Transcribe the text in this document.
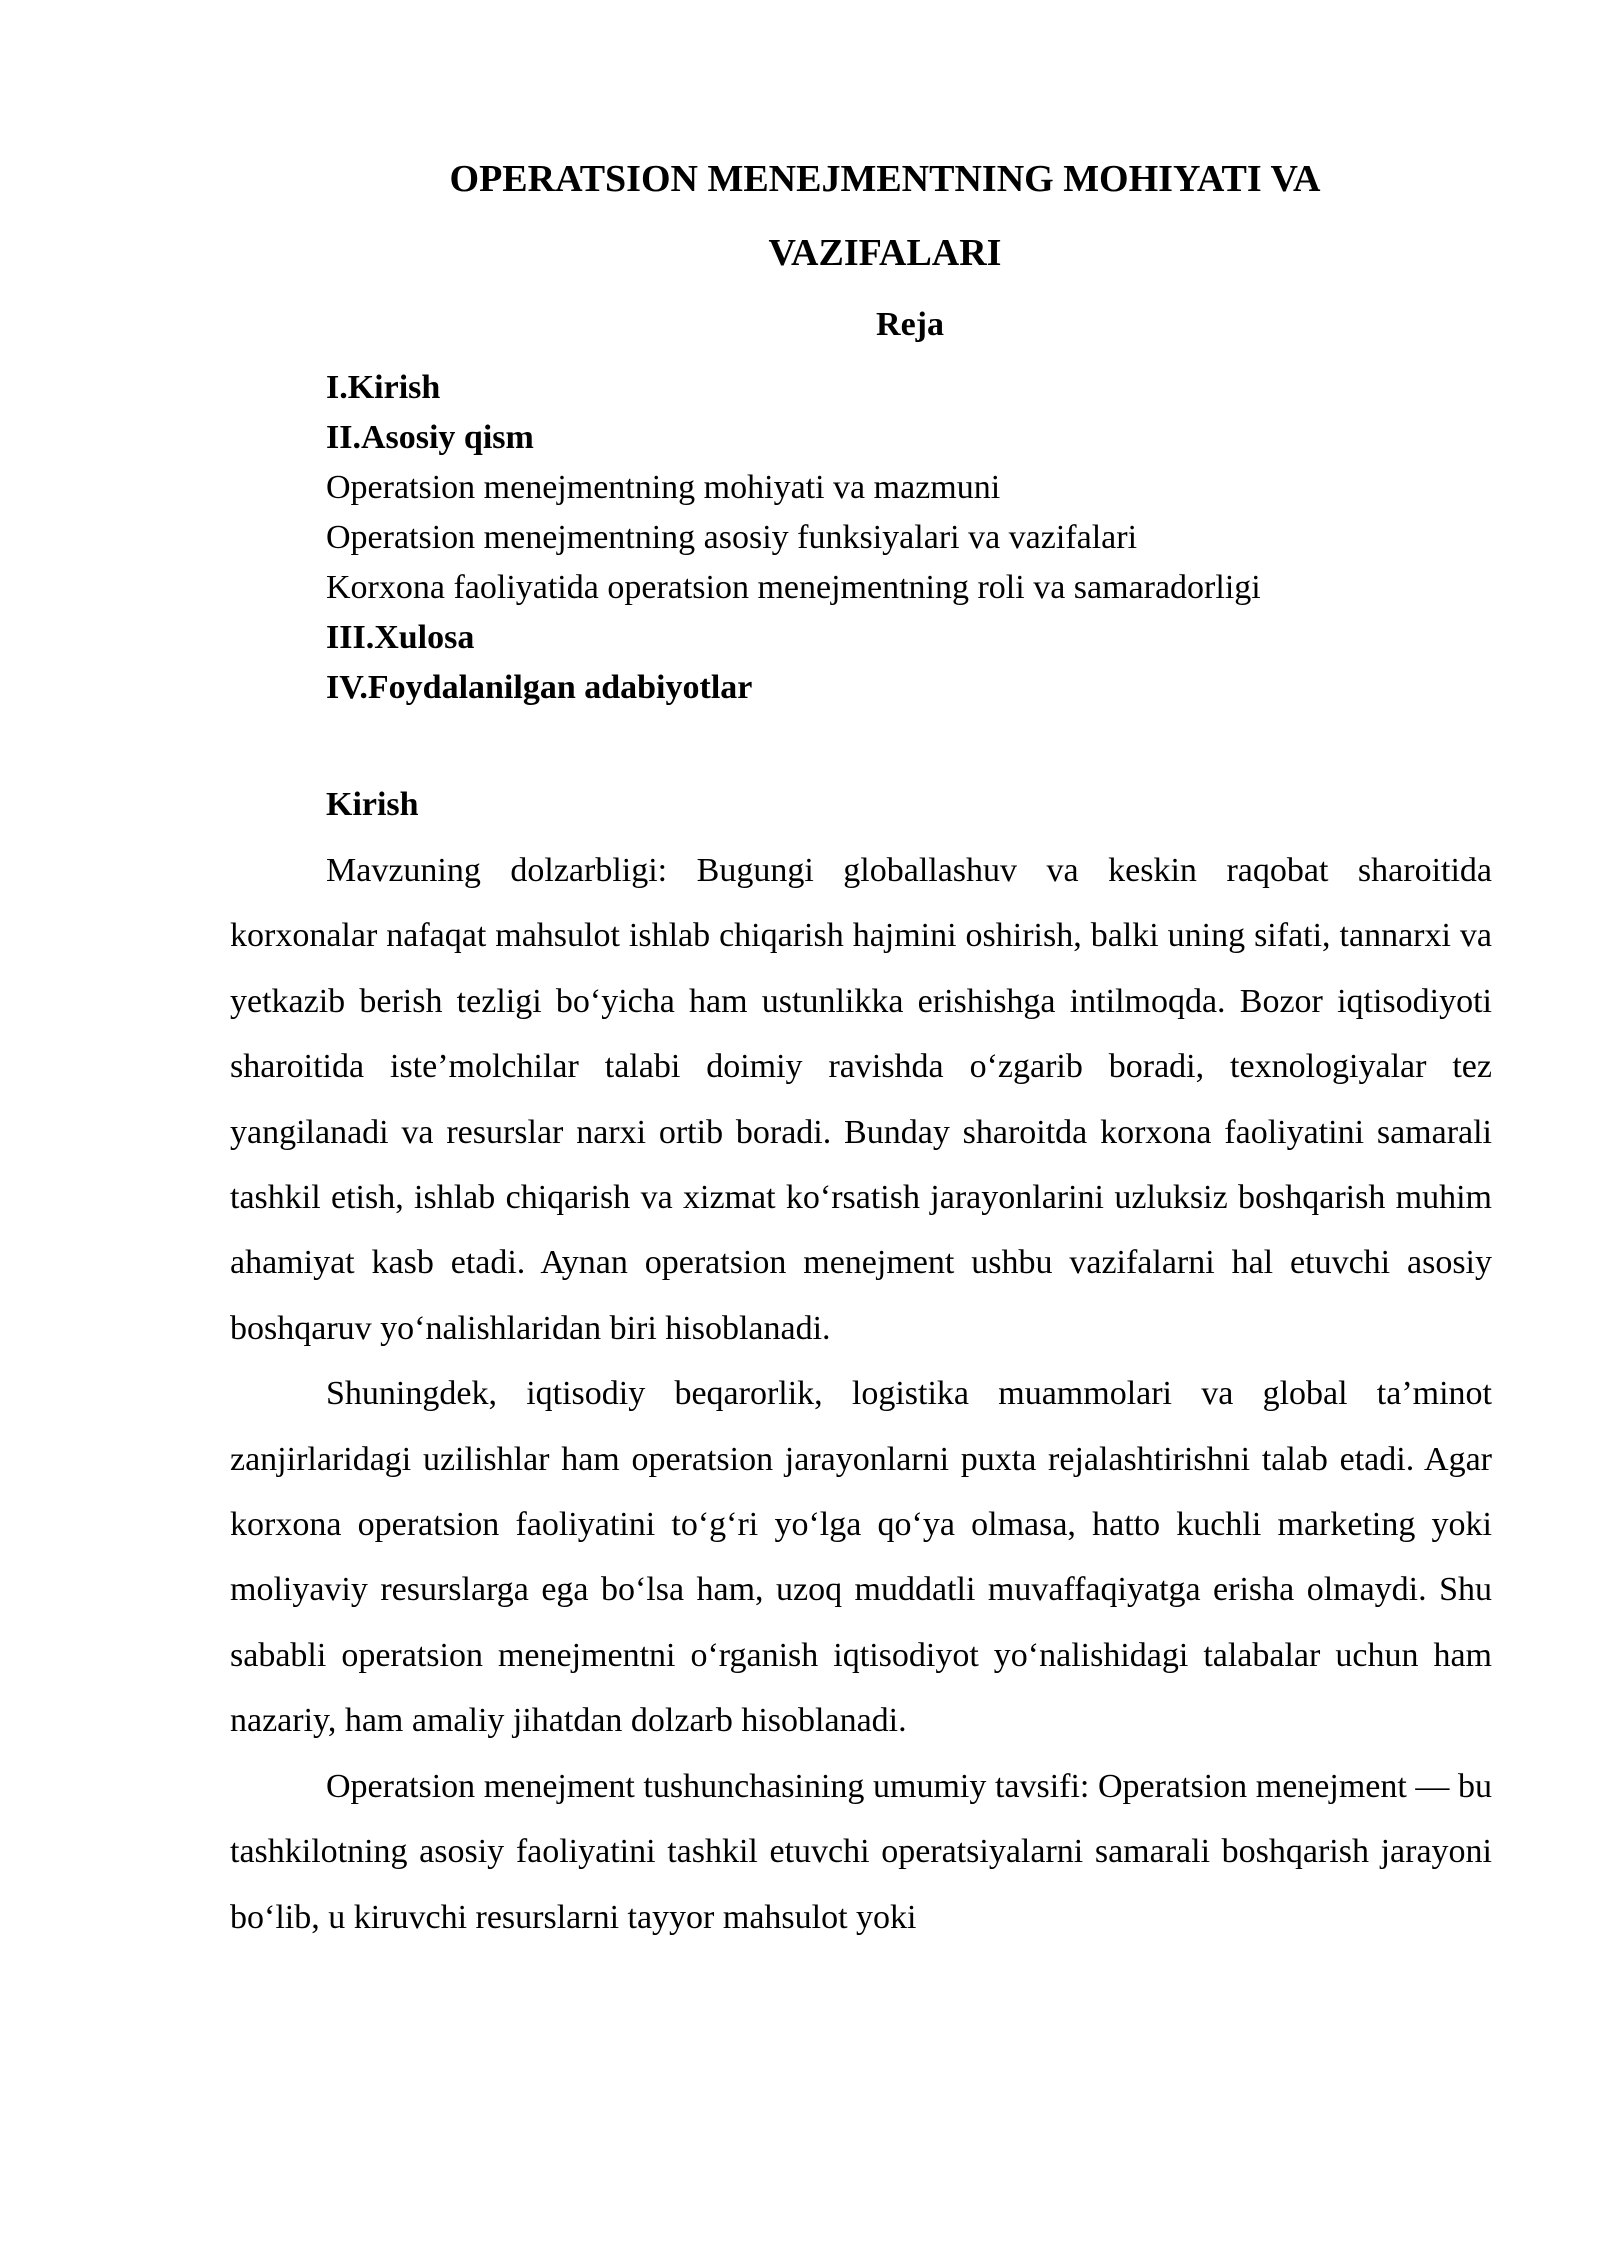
OPERATSION MENEJMENTNING MOHIYATI VA
VAZIFALARI
Reja
I.Kirish
II.Asosiy qism
Operatsion menejmentning mohiyati va mazmuni
Operatsion menejmentning asosiy funksiyalari va vazifalari
Korxona faoliyatida operatsion menejmentning roli va samaradorligi
III.Xulosa
IV.Foydalanilgan adabiyotlar
Kirish

Mavzuning dolzarbligi: Bugungi globallashuv va keskin raqobat sharoitida korxonalar nafaqat mahsulot ishlab chiqarish hajmini oshirish, balki uning sifati, tannarxi va yetkazib berish tezligi bo‘yicha ham ustunlikka erishishga intilmoqda. Bozor iqtisodiyoti sharoitida iste’molchilar talabi doimiy ravishda o‘zgarib boradi, texnologiyalar tez yangilanadi va resurslar narxi ortib boradi. Bunday sharoitda korxona faoliyatini samarali tashkil etish, ishlab chiqarish va xizmat ko‘rsatish jarayonlarini uzluksiz boshqarish muhim ahamiyat kasb etadi. Aynan operatsion menejment ushbu vazifalarni hal etuvchi asosiy boshqaruv yo‘nalishlaridan biri hisoblanadi.

Shuningdek, iqtisodiy beqarorlik, logistika muammolari va global ta’minot zanjirlaridagi uzilishlar ham operatsion jarayonlarni puxta rejalashtirishni talab etadi. Agar korxona operatsion faoliyatini to‘g‘ri yo‘lga qo‘ya olmasa, hatto kuchli marketing yoki moliyaviy resurslarga ega bo‘lsa ham, uzoq muddatli muvaffaqiyatga erisha olmaydi. Shu sababli operatsion menejmentni o‘rganish iqtisodiyot yo‘nalishidagi talabalar uchun ham nazariy, ham amaliy jihatdan dolzarb hisoblanadi.

Operatsion menejment tushunchasining umumiy tavsifi: Operatsion menejment — bu tashkilotning asosiy faoliyatini tashkil etuvchi operatsiyalarni samarali boshqarish jarayoni bo‘lib, u kiruvchi resurslarni tayyor mahsulot yoki
